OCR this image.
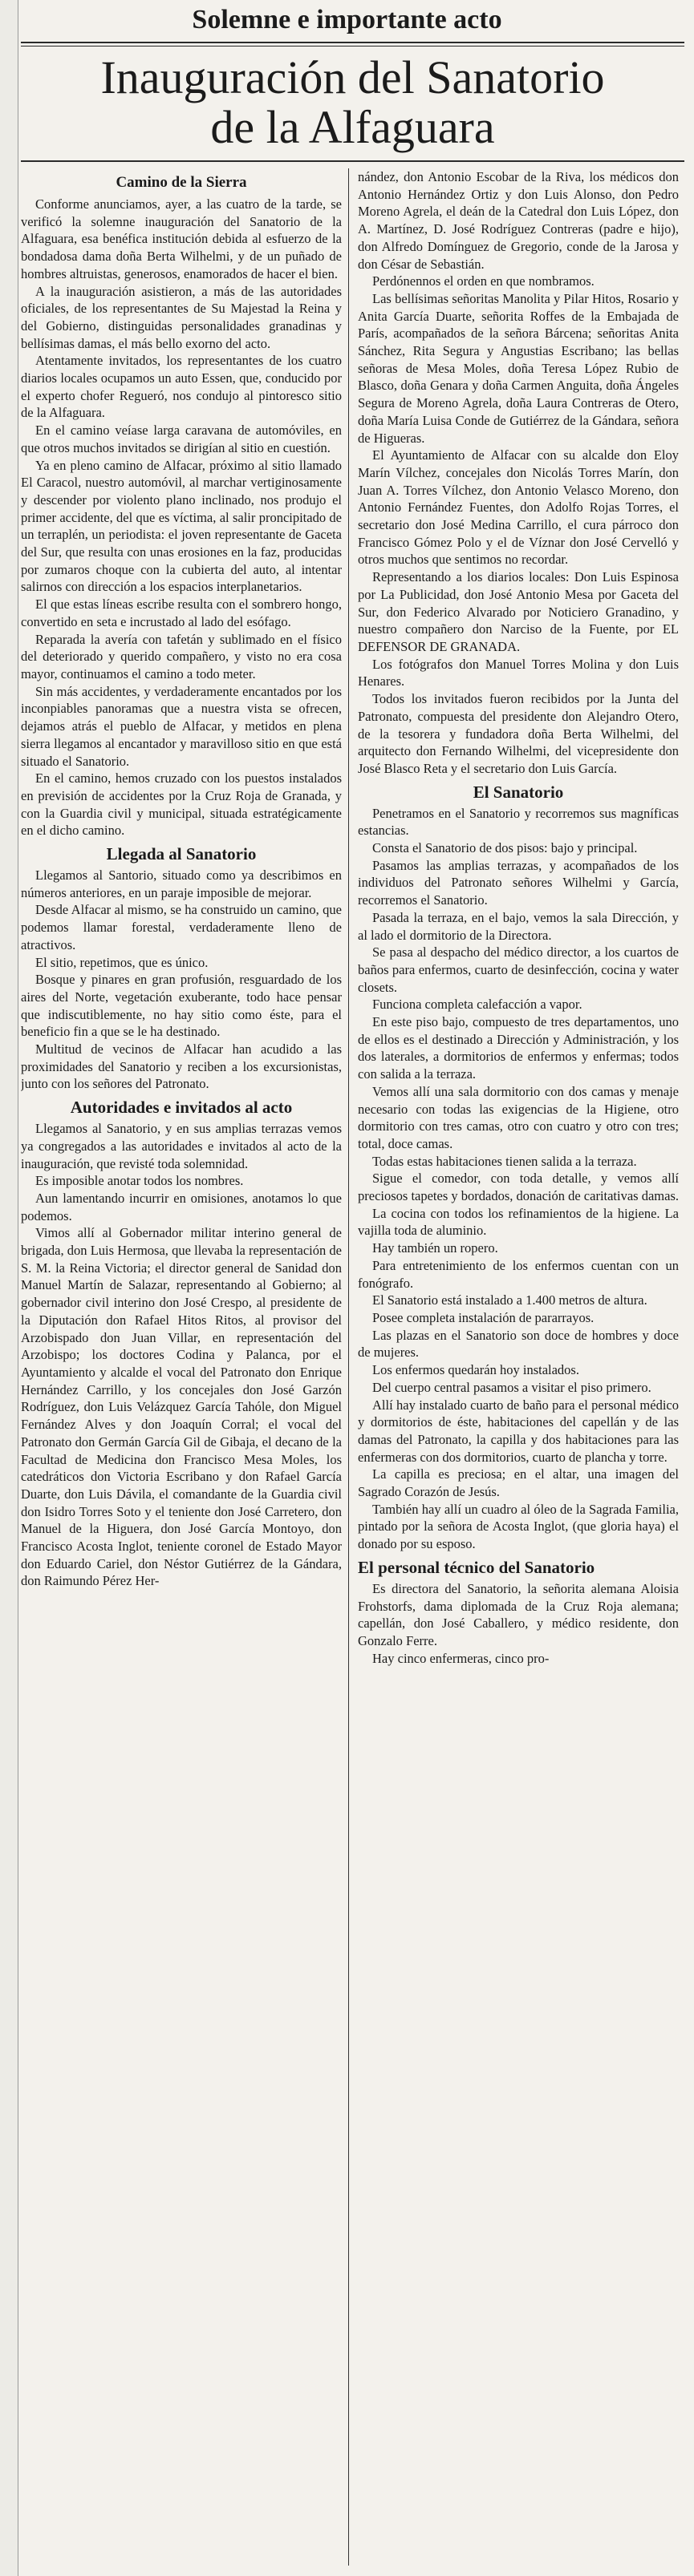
Solemne e importante acto
Inauguración del Sanatorio
de la Alfaguara
Camino de la Sierra

Conforme anunciamos, ayer, a las cuatro de la tarde, se verificó la solemne inauguración del Sanatorio de la Alfaguara, esa benéfica institución debida al esfuerzo de la bondadosa dama doña Berta Wilhelmi, y de un puñado de hombres altruistas, generosos, enamorados de hacer el bien.

A la inauguración asistieron, a más de las autoridades oficiales, de los representantes de Su Majestad la Reina y del Gobierno, distinguidas personalidades granadinas y bellísimas damas, el más bello exorno del acto.

Atentamente invitados, los representantes de los cuatro diarios locales ocupamos un auto Essen, que, conducido por el experto chofer Regueró, nos condujo al pintoresco sitio de la Alfaguara.

En el camino veíase larga caravana de automóviles, en que otros muchos invitados se dirigían al sitio en cuestión.

Ya en pleno camino de Alfacar, próximo al sitio llamado El Caracol, nuestro automóvil, al marchar vertiginosamente y descender por violento plano inclinado, nos produjo el primer accidente, del que es víctima, al salir proncipitado de un terraplén, un periodista: el joven representante de Gaceta del Sur, que resulta con unas erosiones en la faz, producidas por zumaros choque con la cubierta del auto, al intentar salirnos con dirección a los espacios interplanetarios.

El que estas líneas escribe resulta con el sombrero hongo, convertido en seta e incrustado al lado del esófago.

Reparada la avería con tafetán y sublimado en el físico del deteriorado y querido compañero, y visto no era cosa mayor, continuamos el camino a todo meter.

Sin más accidentes, y verdaderamente encantados por los inconpiables panoramas que a nuestra vista se ofrecen, dejamos atrás el pueblo de Alfacar, y metidos en plena sierra llegamos al encantador y maravilloso sitio en que está situado el Sanatorio.

En el camino, hemos cruzado con los puestos instalados en previsión de accidentes por la Cruz Roja de Granada, y con la Guardia civil y municipal, situada estratégicamente en el dicho camino.

Llegada al Sanatorio

Llegamos al Santorio, situado como ya describimos en números anteriores, en un paraje imposible de mejorar.

Desde Alfacar al mismo, se ha construido un camino, que podemos llamar forestal, verdaderamente lleno de atractivos.

El sitio, repetimos, que es único.

Bosque y pinares en gran profusión, resguardado de los aires del Norte, vegetación exuberante, todo hace pensar que indiscutiblemente, no hay sitio como éste, para el beneficio fin a que se le ha destinado.

Multitud de vecinos de Alfacar han acudido a las proximidades del Sanatorio y reciben a los excursionistas, junto con los señores del Patronato.

Autoridades e invitados al acto

Llegamos al Sanatorio, y en sus amplias terrazas vemos ya congregados a las autoridades e invitados al acto de la inauguración, que revisté toda solemnidad.

Es imposible anotar todos los nombres.

Aun lamentando incurrir en omisiones, anotamos lo que podemos.

Vimos allí al Gobernador militar interino general de brigada, don Luis Hermosa, que llevaba la representación de S. M. la Reina Victoria; el director general de Sanidad don Manuel Martín de Salazar, representando al Gobierno; al gobernador civil interino don José Crespo, al presidente de la Diputación don Rafael Hitos Ritos, al provisor del Arzobispado don Juan Villar, en representación del Arzobispo; los doctores Codina y Palanca, por el Ayuntamiento y alcalde el vocal del Patronato don Enrique Hernández Carrillo, y los concejales don José Garzón Rodríguez, don Luis Velázquez García Tahóle, don Miguel Fernández Alves y don Joaquín Corral; el vocal del Patronato don Germán García Gil de Gibaja, el decano de la Facultad de Medicina don Francisco Mesa Moles, los catedráticos don Victoria Escribano y don Rafael García Duarte, don Luis Dávila, el comandante de la Guardia civil don Isidro Torres Soto y el teniente don José Carretero, don Manuel de la Higuera, don José García Montoyo, don Francisco Acosta Inglot, teniente coronel de Estado Mayor don Eduardo Cariel, don Néstor Gutiérrez de la Gándara, don Raimundo Pérez Her-

nández, don Antonio Escobar de la Riva, los médicos don Antonio Hernández Ortiz y don Luis Alonso, don Pedro Moreno Agrela, el deán de la Catedral don Luis López, don A. Martínez, D. José Rodríguez Contreras (padre e hijo), don Alfredo Domínguez de Gregorio, conde de la Jarosa y don César de Sebastián.

Perdónennos el orden en que nombramos.

Las bellísimas señoritas Manolita y Pilar Hitos, Rosario y Anita García Duarte, señorita Roffes de la Embajada de París, acompañados de la señora Bárcena; señoritas Anita Sánchez, Rita Segura y Angustias Escribano; las bellas señoras de Mesa Moles, doña Teresa López Rubio de Blasco, doña Genara y doña Carmen Anguita, doña Ángeles Segura de Moreno Agrela, doña Laura Contreras de Otero, doña María Luisa Conde de Gutiérrez de la Gándara, señora de Higueras.

El Ayuntamiento de Alfacar con su alcalde don Eloy Marín Vílchez, concejales don Nicolás Torres Marín, don Juan A. Torres Vílchez, don Antonio Velasco Moreno, don Antonio Fernández Fuentes, don Adolfo Rojas Torres, el secretario don José Medina Carrillo, el cura párroco don Francisco Gómez Polo y el de Víznar don José Cervelló y otros muchos que sentimos no recordar.

Representando a los diarios locales: Don Luis Espinosa por La Publicidad, don José Antonio Mesa por Gaceta del Sur, don Federico Alvarado por Noticiero Granadino, y nuestro compañero don Narciso de la Fuente, por EL DEFENSOR DE GRANADA.

Los fotógrafos don Manuel Torres Molina y don Luis Henares.

Todos los invitados fueron recibidos por la Junta del Patronato, compuesta del presidente don Alejandro Otero, de la tesorera y fundadora doña Berta Wilhelmi, del arquitecto don Fernando Wilhelmi, del vicepresidente don José Blasco Reta y el secretario don Luis García.

El Sanatorio

Penetramos en el Sanatorio y recorremos sus magníficas estancias.

Consta el Sanatorio de dos pisos: bajo y principal.

Pasamos las amplias terrazas, y acompañados de los individuos del Patronato señores Wilhelmi y García, recorremos el Sanatorio.

Pasada la terraza, en el bajo, vemos la sala Dirección, y al lado el dormitorio de la Directora.

Se pasa al despacho del médico director, a los cuartos de baños para enfermos, cuarto de desinfección, cocina y water closets.

Funciona completa calefacción a vapor.

En este piso bajo, compuesto de tres departamentos, uno de ellos es el destinado a Dirección y Administración, y los dos laterales, a dormitorios de enfermos y enfermas; todos con salida a la terraza.

Vemos allí una sala dormitorio con dos camas y menaje necesario con todas las exigencias de la Higiene, otro dormitorio con tres camas, otro con cuatro y otro con tres; total, doce camas.

Todas estas habitaciones tienen salida a la terraza.

Sigue el comedor, con toda detalle, y vemos allí preciosos tapetes y bordados, donación de caritativas damas.

La cocina con todos los refinamientos de la higiene. La vajilla toda de aluminio.

Hay también un ropero.

Para entretenimiento de los enfermos cuentan con un fonógrafo.

El Sanatorio está instalado a 1.400 metros de altura.

Posee completa instalación de pararrayos.

Las plazas en el Sanatorio son doce de hombres y doce de mujeres.

Los enfermos quedarán hoy instalados.

Del cuerpo central pasamos a visitar el piso primero.

Allí hay instalado cuarto de baño para el personal médico y dormitorios de éste, habitaciones del capellán y de las damas del Patronato, la capilla y dos habitaciones para las enfermeras con dos dormitorios, cuarto de plancha y torre.

La capilla es preciosa; en el altar, una imagen del Sagrado Corazón de Jesús.

También hay allí un cuadro al óleo de la Sagrada Familia, pintado por la señora de Acosta Inglot, (que gloria haya) el donado por su esposo.

El personal técnico del Sanatorio

Es directora del Sanatorio, la señorita alemana Aloisia Frohstorfs, dama diplomada de la Cruz Roja alemana; capellán, don José Caballero, y médico residente, don Gonzalo Ferre.

Hay cinco enfermeras, cinco pro-
